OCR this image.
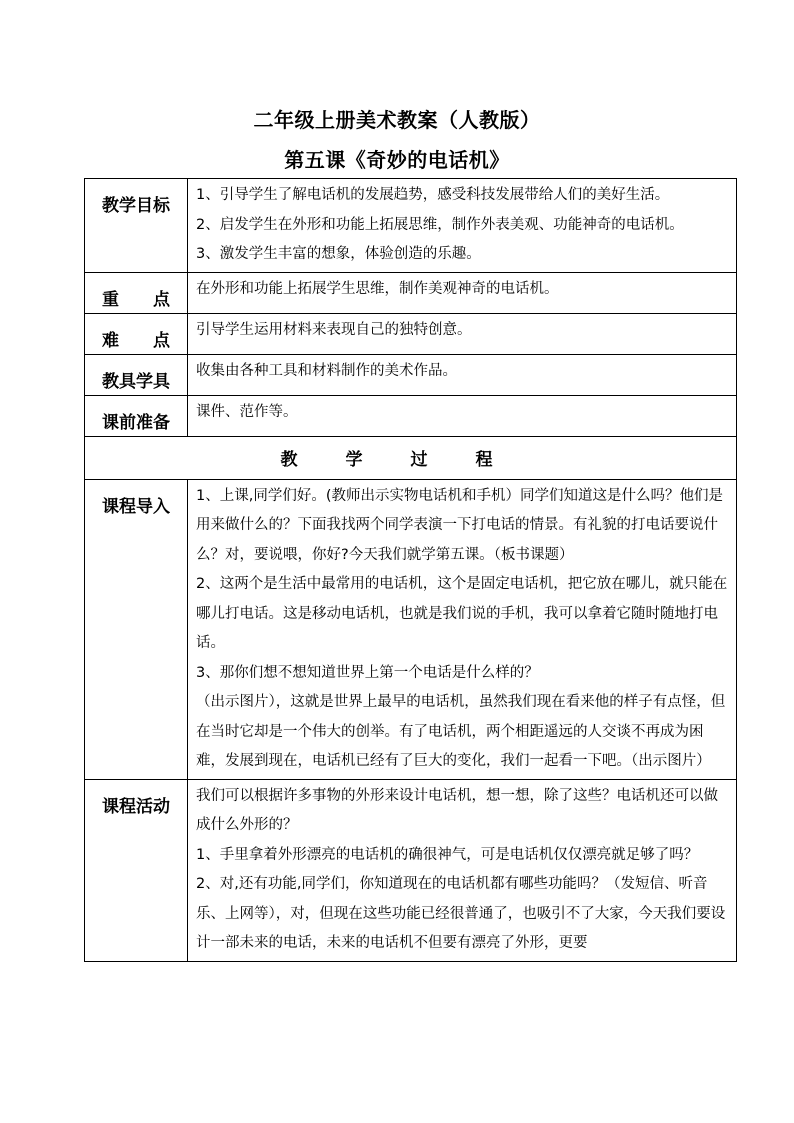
二年级上册美术教案（人教版）
第五课《奇妙的电话机》
教学目标	1、引导学生了解电话机的发展趋势，感受科技发展带给人们的美好生活。
2、启发学生在外形和功能上拓展思维，制作外表美观、功能神奇的电话机。
3、激发学生丰富的想象，体验创造的乐趣。

重　　点	在外形和功能上拓展学生思维，制作美观神奇的电话机。
难　　点	引导学生运用材料来表现自己的独特创意。
教具学具	收集由各种工具和材料制作的美术作品。
课前准备	课件、范作等。
教学过程	
课程导入	1、上课,同学们好。(教师出示实物电话机和手机）同学们知道这是什么吗？他们是用来做什么的？下面我找两个同学表演一下打电话的情景。有礼貌的打电话要说什么？对，要说喂，你好?今天我们就学第五课。（板书课题）
2、这两个是生活中最常用的电话机，这个是固定电话机，把它放在哪儿，就只能在哪儿打电话。这是移动电话机，也就是我们说的手机，我可以拿着它随时随地打电话。
3、那你们想不想知道世界上第一个电话是什么样的？
（出示图片），这就是世界上最早的电话机，虽然我们现在看来他的样子有点怪，但在当时它却是一个伟大的创举。有了电话机，两个相距遥远的人交谈不再成为困难，发展到现在，电话机已经有了巨大的变化，我们一起看一下吧。（出示图片）

课程活动	我们可以根据许多事物的外形来设计电话机，想一想，除了这些？电话机还可以做成什么外形的？
1、手里拿着外形漂亮的电话机的确很神气，可是电话机仅仅漂亮就足够了吗？
2、对,还有功能,同学们，你知道现在的电话机都有哪些功能吗？（发短信、听音乐、上网等），对，但现在这些功能已经很普通了，也吸引不了大家，今天我们要设计一部未来的电话，未来的电话机不但要有漂亮了外形，更要
